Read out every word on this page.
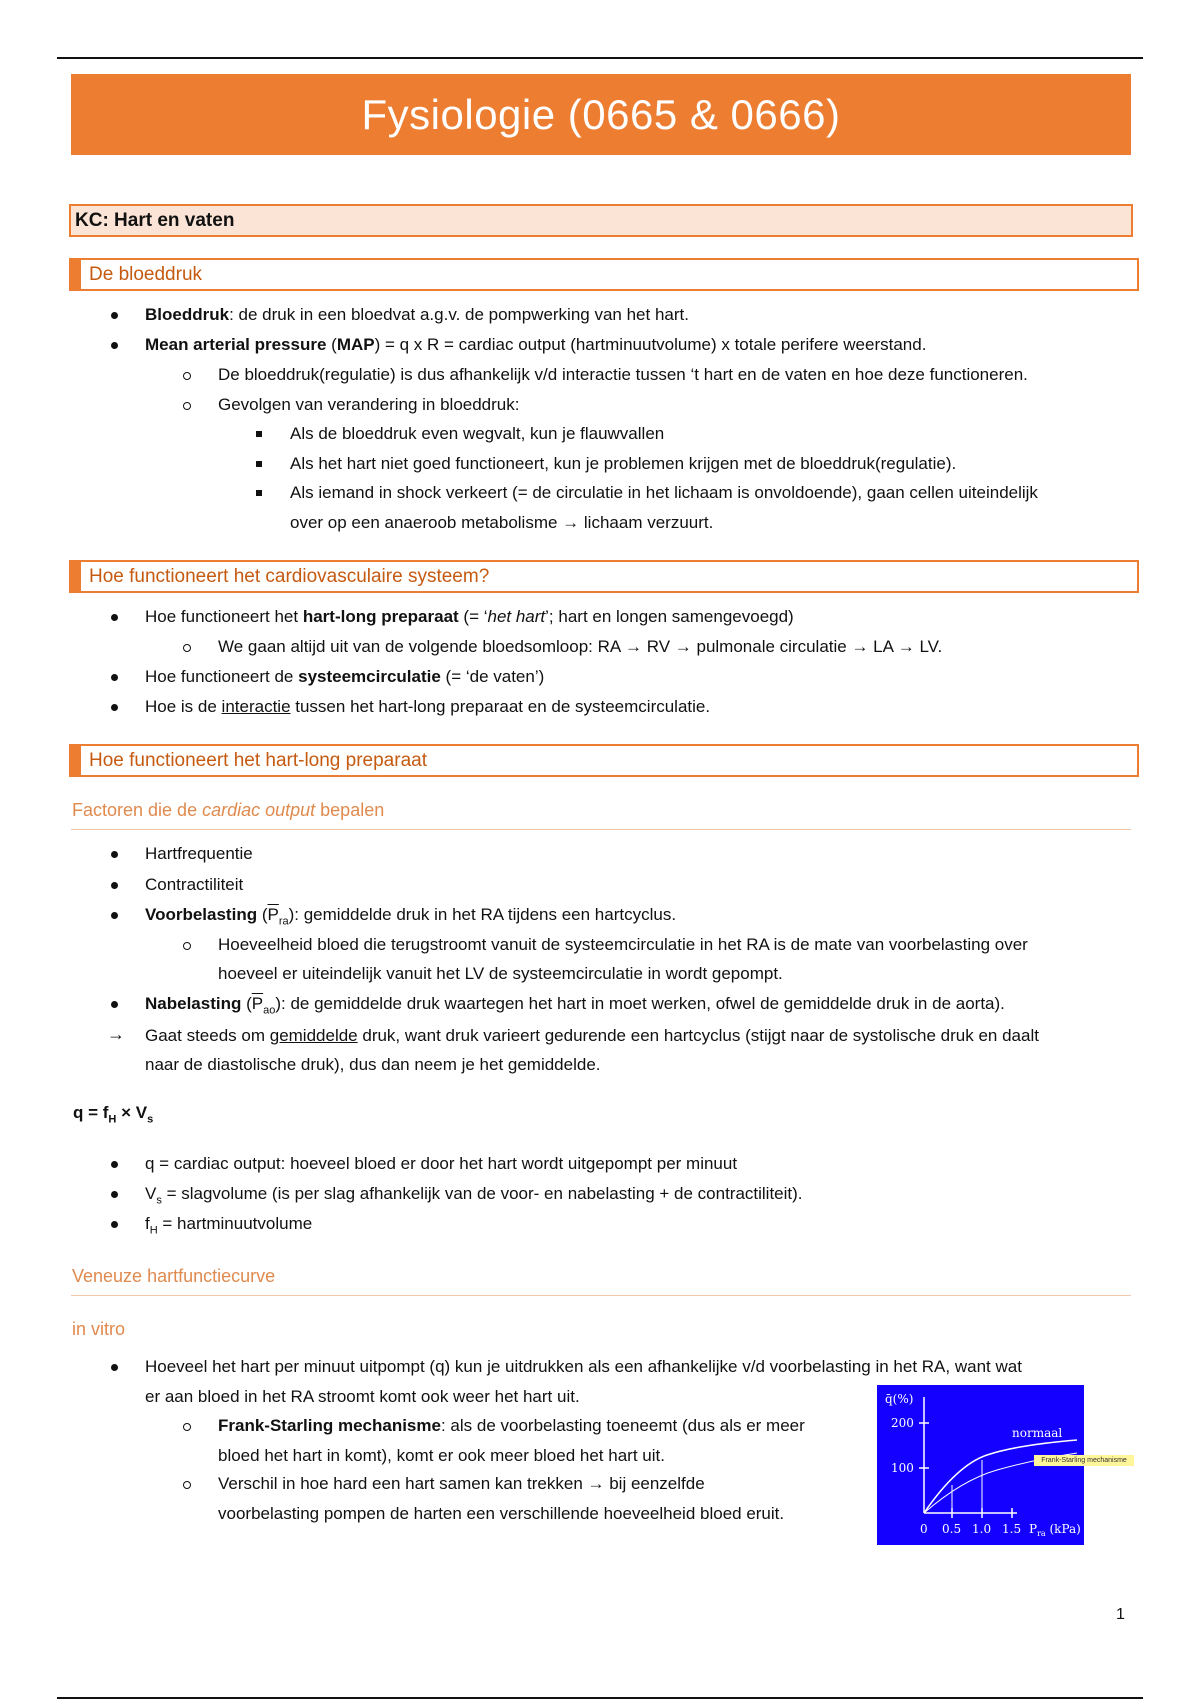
Fysiologie (0665 & 0666)
KC: Hart en vaten
De bloeddruk
Bloeddruk: de druk in een bloedvat a.g.v. de pompwerking van het hart.
Mean arterial pressure (MAP) = q x R = cardiac output (hartminuutvolume) x totale perifere weerstand.
De bloeddruk(regulatie) is dus afhankelijk v/d interactie tussen ‘t hart en de vaten en hoe deze functioneren.
Gevolgen van verandering in bloeddruk:
Als de bloeddruk even wegvalt, kun je flauwvallen
Als het hart niet goed functioneert, kun je problemen krijgen met de bloeddruk(regulatie).
Als iemand in shock verkeert (= de circulatie in het lichaam is onvoldoende), gaan cellen uiteindelijk
over op een anaeroob metabolisme → lichaam verzuurt.
Hoe functioneert het cardiovasculaire systeem?
Hoe functioneert het hart-long preparaat (= ‘het hart’; hart en longen samengevoegd)
We gaan altijd uit van de volgende bloedsomloop: RA → RV → pulmonale circulatie → LA → LV.
Hoe functioneert de systeemcirculatie (= ‘de vaten’)
Hoe is de interactie tussen het hart-long preparaat en de systeemcirculatie.
Hoe functioneert het hart-long preparaat
Factoren die de cardiac output bepalen
Hartfrequentie
Contractiliteit
Voorbelasting $(\overline{P}_{ra})$: gemiddelde druk in het RA tijdens een hartcyclus.
Hoeveelheid bloed die terugstroomt vanuit de systeemcirculatie in het RA is de mate van voorbelasting over
hoeveel er uiteindelijk vanuit het LV de systeemcirculatie in wordt gepompt.
Nabelasting $(\overline{P}_{ao})$: de gemiddelde druk waartegen het hart in moet werken, ofwel de gemiddelde druk in de aorta).
→ Gaat steeds om gemiddelde druk, want druk varieert gedurende een hartcyclus (stijgt naar de systolische druk en daalt
naar de diastolische druk), dus dan neem je het gemiddelde.
$q = f_H \times V_s$
q = cardiac output: hoeveel bloed er door het hart wordt uitgepompt per minuut
$V_s$ = slagvolume (is per slag afhankelijk van de voor- en nabelasting + de contractiliteit).
$f_H$ = hartminuutvolume
Veneuze hartfunctiecurve
in vitro
Hoeveel het hart per minuut uitpompt (q) kun je uitdrukken als een afhankelijke v/d voorbelasting in het RA, want wat
er aan bloed in het RA stroomt komt ook weer het hart uit.
Frank-Starling mechanisme: als de voorbelasting toeneemt (dus als er meer
bloed het hart in komt), komt er ook meer bloed het hart uit.
Verschil in hoe hard een hart samen kan trekken → bij eenzelfde
voorbelasting pompen de harten een verschillende hoeveelheid bloed eruit.
q̄(%)
200
100
normaal
0 0.5 1.0 1.5 $P_{ra}$ (kPa)
Frank-Starling mechanisme
1
